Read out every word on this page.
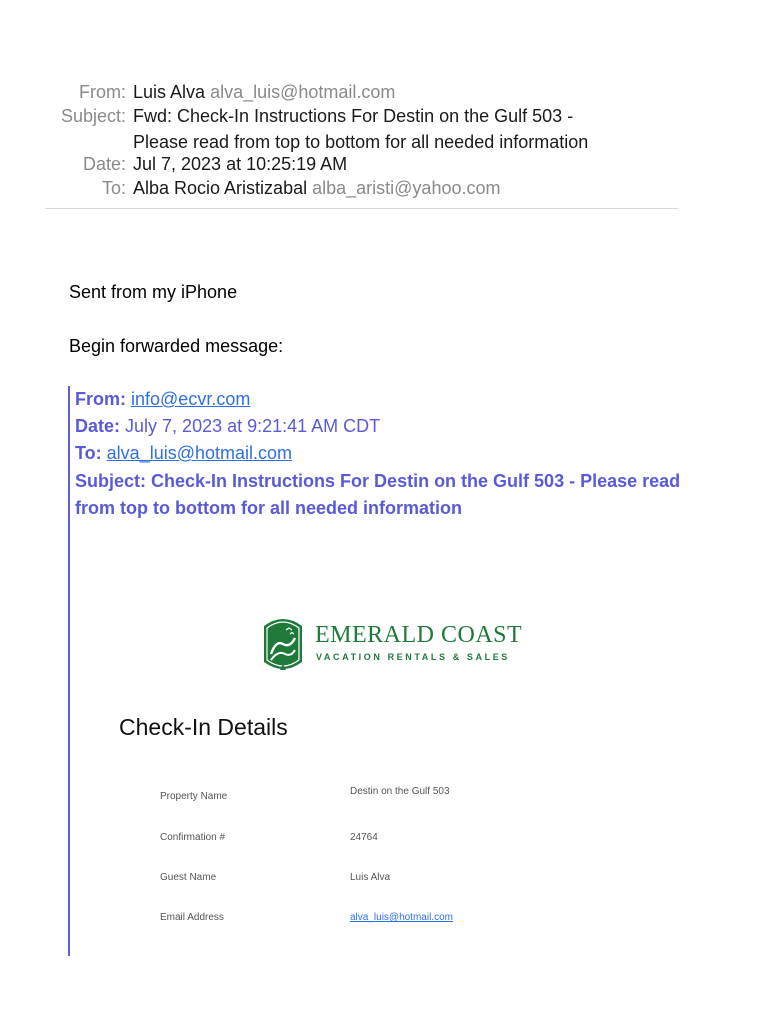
From: Luis Alva alva_luis@hotmail.com
Subject: Fwd: Check-In Instructions For Destin on the Gulf 503 -
Please read from top to bottom for all needed information
Date: Jul 7, 2023 at 10:25:19 AM
To: Alba Rocio Aristizabal alba_aristi@yahoo.com
Sent from my iPhone
Begin forwarded message:
From: info@ecvr.com
Date: July 7, 2023 at 9:21:41 AM CDT
To: alva_luis@hotmail.com
Subject: Check-In Instructions For Destin on the Gulf 503 - Please read from top to bottom for all needed information
EMERALD COAST
VACATION RENTALS & SALES
Check-In Details
Property Name	Destin on the Gulf 503
Confirmation #	24764
Guest Name	Luis Alva
Email Address	alva_luis@hotmail.com
